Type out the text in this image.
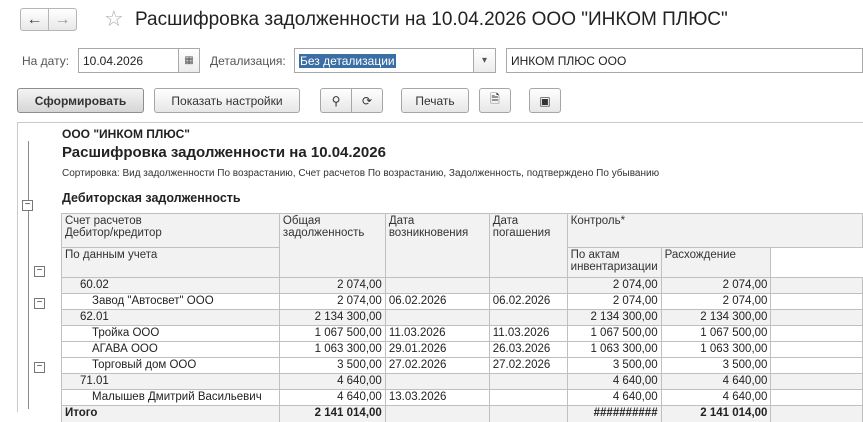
← → ☆ Расшифровка задолженности на 10.04.2026 ООО "ИНКОМ ПЛЮС"
На дату:	10.04.2026	▦ Детализация:	Без детализации	▾	ИНКОМ ПЛЮС ООО
Сформировать	Показать настройки	⚲ ⟳	Печать	🗎	▣
ООО "ИНКОМ ПЛЮС"
Расшифровка задолженности на 10.04.2026
Сортировка: Вид задолженности По возрастанию, Счет расчетов По возрастанию, Задолженность, подтверждено По убыванию
Дебиторская задолженность
−
−
−
−
Счет расчетов
Дебитор/кредитор	Общая задолженность	Дата возникновения	Дата погашения	Контроль*		
По данным учета				По актам инвентаризации	Расхождение	
60.02	2 074,00			2 074,00	2 074,00	
Завод "Автосвет" ООО	2 074,00	06.02.2026	06.02.2026	2 074,00	2 074,00	
62.01	2 134 300,00			2 134 300,00	2 134 300,00	
Тройка ООО	1 067 500,00	11.03.2026	11.03.2026	1 067 500,00	1 067 500,00	
АГАВА ООО	1 063 300,00	29.01.2026	26.03.2026	1 063 300,00	1 063 300,00	
Торговый дом ООО	3 500,00	27.02.2026	27.02.2026	3 500,00	3 500,00	
71.01	4 640,00			4 640,00	4 640,00	
Малышев Дмитрий Васильевич	4 640,00	13.03.2026		4 640,00	4 640,00	
Итого	2 141 014,00			##########	2 141 014,00	
